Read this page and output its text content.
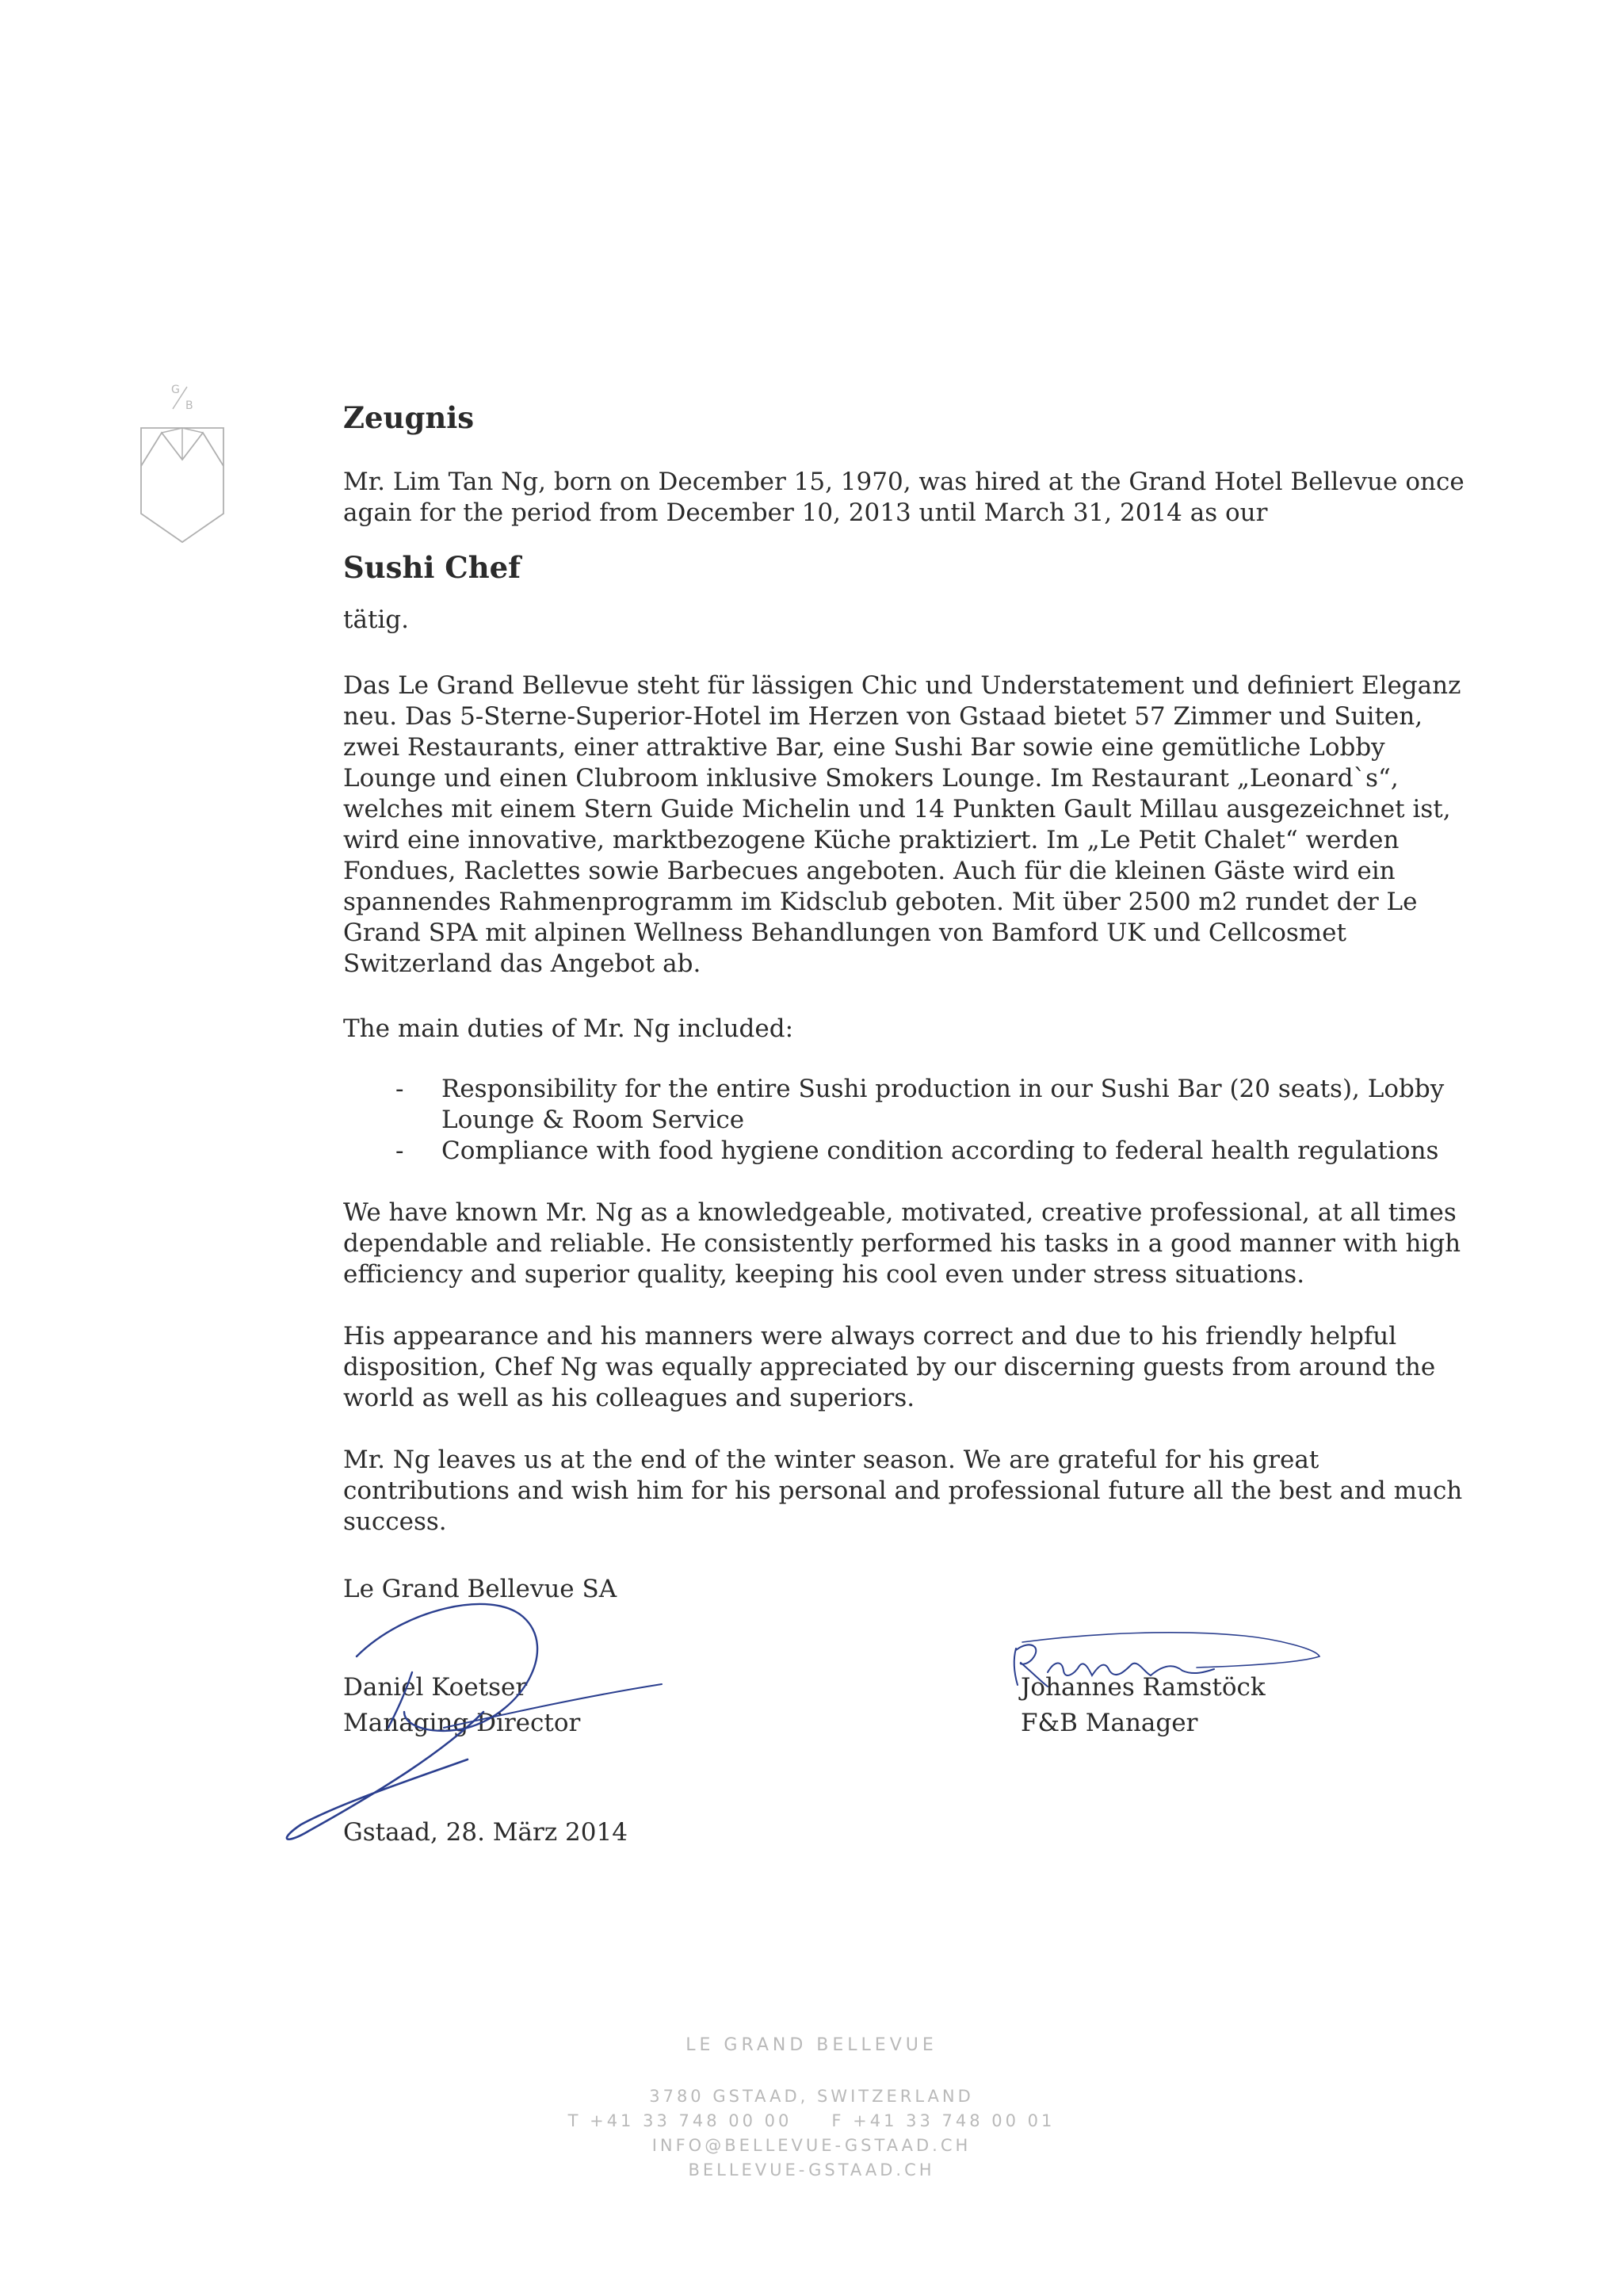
G
B	Zeugnis

Mr. Lim Tan Ng, born on December 15, 1970, was hired at the Grand Hotel Bellevue once again for the period from December 10, 2013 until March 31, 2014 as our

Sushi Chef

tätig.

Das Le Grand Bellevue steht für lässigen Chic und Understatement und definiert Eleganz neu. Das 5-Sterne-Superior-Hotel im Herzen von Gstaad bietet 57 Zimmer und Suiten, zwei Restaurants, einer attraktive Bar, eine Sushi Bar sowie eine gemütliche Lobby Lounge und einen Clubroom inklusive Smokers Lounge. Im Restaurant „Leonard`s“, welches mit einem Stern Guide Michelin und 14 Punkten Gault Millau ausgezeichnet ist, wird eine innovative, marktbezogene Küche praktiziert. Im „Le Petit Chalet“ werden Fondues, Raclettes sowie Barbecues angeboten. Auch für die kleinen Gäste wird ein spannendes Rahmenprogramm im Kidsclub geboten. Mit über 2500 m2 rundet der Le Grand SPA mit alpinen Wellness Behandlungen von Bamford UK und Cellcosmet Switzerland das Angebot ab.

The main duties of Mr. Ng included:

- Responsibility for the entire Sushi production in our Sushi Bar (20 seats), Lobby Lounge & Room Service
- Compliance with food hygiene condition according to federal health regulations

We have known Mr. Ng as a knowledgeable, motivated, creative professional, at all times dependable and reliable. He consistently performed his tasks in a good manner with high efficiency and superior quality, keeping his cool even under stress situations.

His appearance and his manners were always correct and due to his friendly helpful disposition, Chef Ng was equally appreciated by our discerning guests from around the world as well as his colleagues and superiors.

Mr. Ng leaves us at the end of the winter season. We are grateful for his great contributions and wish him for his personal and professional future all the best and much success.

Le Grand Bellevue SA

Daniel Koetser
Managing Director
Johannes Ramstöck
F&B Manager

Gstaad, 28. März 2014

LE GRAND BELLEVUE
3780 GSTAAD, SWITZERLAND
T +41 33 748 00 00 F +41 33 748 00 01
INFO@BELLEVUE-GSTAAD.CH
BELLEVUE-GSTAAD.CH
